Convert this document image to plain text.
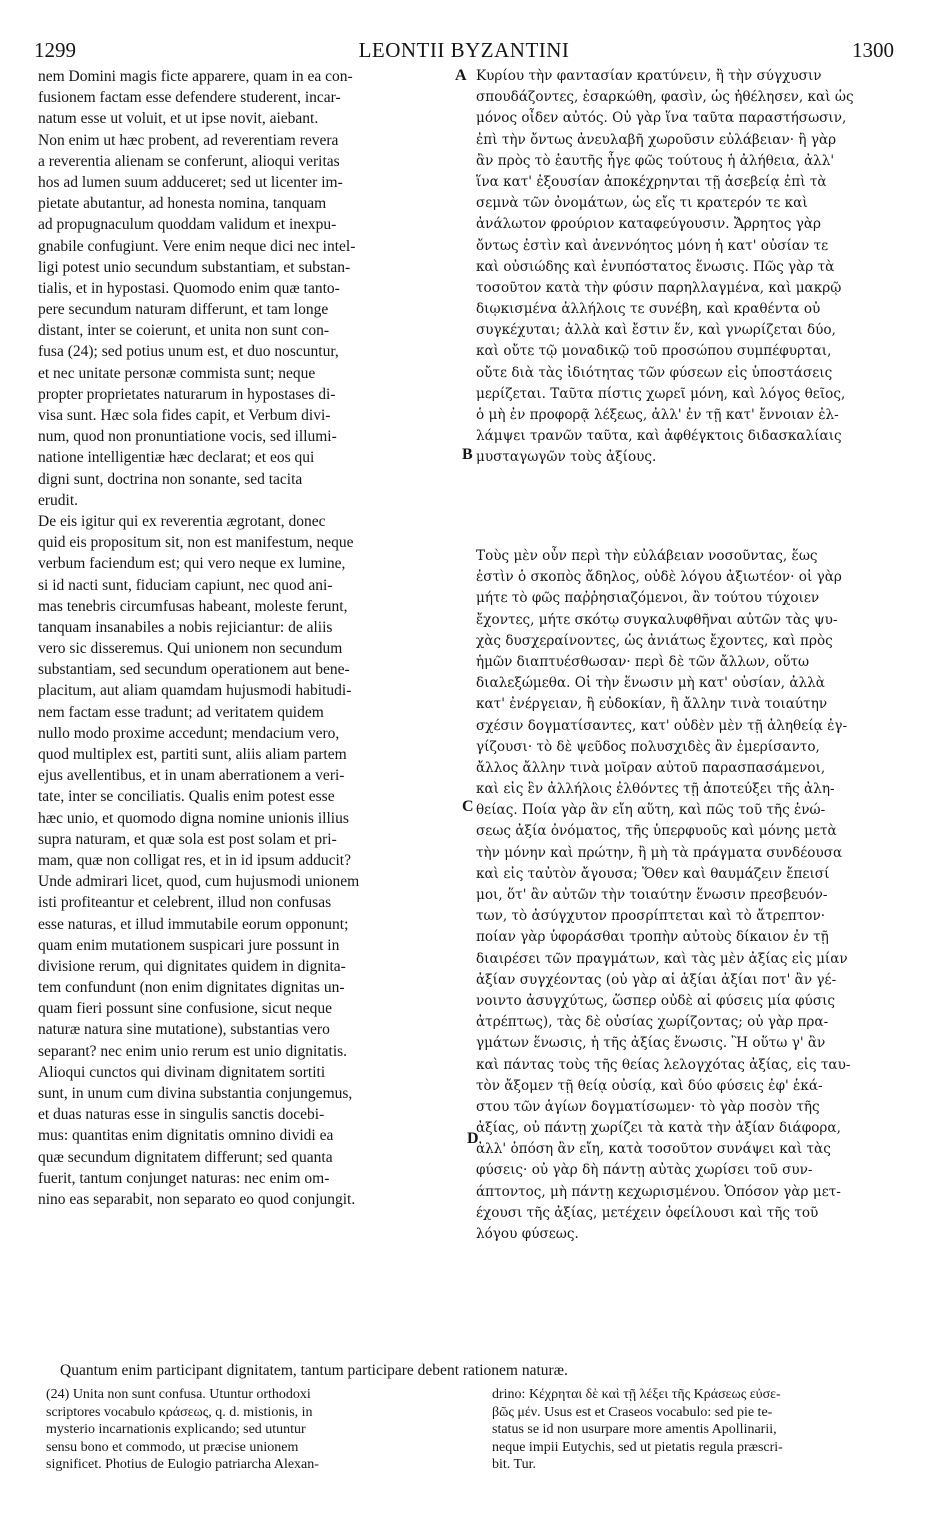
1299	LEONTII BYZANTINI	1300
nem Domini magis ficte apparere, quam in ea con-
fusionem factam esse defendere studerent, incar-
natum esse ut voluit, et ut ipse novit, aiebant.
Non enim ut hæc probent, ad reverentiam revera
a reverentia alienam se conferunt, alioqui veritas
hos ad lumen suum adduceret; sed ut licenter im-
pietate abutantur, ad honesta nomina, tanquam
ad propugnaculum quoddam validum et inexpu-
gnabile confugiunt. Vere enim neque dici nec intel-
ligi potest unio secundum substantiam, et substan-
tialis, et in hypostasi. Quomodo enim quæ tanto-
pere secundum naturam differunt, et tam longe
distant, inter se coierunt, et unita non sunt con-
fusa (24); sed potius unum est, et duo noscuntur,
et nec unitate personæ commista sunt; neque
propter proprietates naturarum in hypostases di-
visa sunt. Hæc sola fides capit, et Verbum divi-
num, quod non pronuntiatione vocis, sed illumi-
natione intelligentiæ hæc declarat; et eos qui
digni sunt, doctrina non sonante, sed tacita
erudit.
De eis igitur qui ex reverentia ægrotant, donec
quid eis propositum sit, non est manifestum, neque
verbum faciendum est; qui vero neque ex lumine,
si id nacti sunt, fiduciam capiunt, nec quod ani-
mas tenebris circumfusas habeant, moleste ferunt,
tanquam insanabiles a nobis rejiciantur: de aliis
vero sic disseremus. Qui unionem non secundum
substantiam, sed secundum operationem aut bene-
placitum, aut aliam quamdam hujusmodi habitudi-
nem factam esse tradunt; ad veritatem quidem
nullo modo proxime accedunt; mendacium vero,
quod multiplex est, partiti sunt, aliis aliam partem
ejus avellentibus, et in unam aberrationem a veri-
tate, inter se conciliatis. Qualis enim potest esse
hæc unio, et quomodo digna nomine unionis illius
supra naturam, et quæ sola est post solam et pri-
mam, quæ non colligat res, et in id ipsum adducit?
Unde admirari licet, quod, cum hujusmodi unionem
isti profiteantur et celebrent, illud non confusas
esse naturas, et illud immutabile eorum opponunt;
quam enim mutationem suspicari jure possunt in
divisione rerum, qui dignitates quidem in dignita-
tem confundunt (non enim dignitates dignitas un-
quam fieri possunt sine confusione, sicut neque
naturæ natura sine mutatione), substantias vero
separant? nec enim unio rerum est unio dignitatis.
Alioqui cunctos qui divinam dignitatem sortiti
sunt, in unum cum divina substantia conjungemus,
et duas naturas esse in singulis sanctis docebi-
mus: quantitas enim dignitatis omnino dividi ea
quæ secundum dignitatem differunt; sed quanta
fuerit, tantum conjunget naturas: nec enim om-
nino eas separabit, non separato eo quod conjungit.
Κυρίου τὴν φαντασίαν κρατύνειν, ἢ τὴν σύγχυσιν
σπουδάζοντες, ἐσαρκώθη, φασὶν, ὡς ἠθέλησεν, καὶ ὡς
μόνος οἶδεν αὐτός. Οὐ γὰρ ἵνα ταῦτα παραστήσωσιν,
ἐπὶ τὴν ὄντως ἀνευλαβῆ χωροῦσιν εὐλάβειαν· ἢ γὰρ
ἂν πρὸς τὸ ἑαυτῆς ἦγε φῶς τούτους ἡ ἀλήθεια, ἀλλ'
ἵνα κατ' ἐξουσίαν ἀποκέχρηνται τῇ ἀσεβείᾳ ἐπὶ τὰ
σεμνὰ τῶν ὀνομάτων, ὡς εἴς τι κρατερόν τε καὶ
ἀνάλωτον φρούριον καταφεύγουσιν. Ἄρρητος γὰρ
ὄντως ἐστὶν καὶ ἀνεννόητος μόνη ἡ κατ' οὐσίαν τε
καὶ οὐσιώδης καὶ ἐνυπόστατος ἕνωσις. Πῶς γὰρ τὰ
τοσοῦτον κατὰ τὴν φύσιν παρηλλαγμένα, καὶ μακρῷ
διῳκισμένα ἀλλήλοις τε συνέβη, καὶ κραθέντα οὐ
συγκέχυται; ἀλλὰ καὶ ἔστιν ἕν, καὶ γνωρίζεται δύο,
καὶ οὔτε τῷ μοναδικῷ τοῦ προσώπου συμπέφυρται,
οὔτε διὰ τὰς ἰδιότητας τῶν φύσεων εἰς ὑποστάσεις
μερίζεται. Ταῦτα πίστις χωρεῖ μόνη, καὶ λόγος θεῖος,
ὁ μὴ ἐν προφορᾷ λέξεως, ἀλλ' ἐν τῇ κατ' ἔννοιαν ἐλ-
λάμψει τρανῶν ταῦτα, καὶ ἀφθέγκτοις διδασκαλίαις
μυσταγωγῶν τοὺς ἀξίους.
Τοὺς μὲν οὖν περὶ τὴν εὐλάβειαν νοσοῦντας, ἕως
ἐστὶν ὁ σκοπὸς ἄδηλος, οὐδὲ λόγου ἀξιωτέον· οἱ γὰρ
μήτε τὸ φῶς παῤῥησιαζόμενοι, ἂν τούτου τύχοιεν
ἔχοντες, μήτε σκότῳ συγκαλυφθῆναι αὐτῶν τὰς ψυ-
χὰς δυσχεραίνοντες, ὡς ἀνιάτως ἔχοντες, καὶ πρὸς
ἡμῶν διαπτυέσθωσαν· περὶ δὲ τῶν ἄλλων, οὕτω
διαλεξώμεθα. Οἱ τὴν ἕνωσιν μὴ κατ' οὐσίαν, ἀλλὰ
κατ' ἐνέργειαν, ἢ εὐδοκίαν, ἢ ἄλλην τινὰ τοιαύτην
σχέσιν δογματίσαντες, κατ' οὐδὲν μὲν τῇ ἀληθείᾳ ἐγ-
γίζουσι· τὸ δὲ ψεῦδος πολυσχιδὲς ἂν ἐμερίσαντο,
ἄλλος ἄλλην τινὰ μοῖραν αὐτοῦ παρασπασάμενοι,
καὶ εἰς ἓν ἀλλήλοις ἐλθόντες τῇ ἀποτεύξει τῆς ἀλη-
θείας. Ποία γὰρ ἂν εἴη αὕτη, καὶ πῶς τοῦ τῆς ἑνώ-
σεως ἀξία ὀνόματος, τῆς ὑπερφυοῦς καὶ μόνης μετὰ
τὴν μόνην καὶ πρώτην, ἢ μὴ τὰ πράγματα συνδέουσα
καὶ εἰς ταὐτὸν ἄγουσα; Ὅθεν καὶ θαυμάζειν ἔπεισί
μοι, ὅτ' ἂν αὐτῶν τὴν τοιαύτην ἕνωσιν πρεσβευόν-
των, τὸ ἀσύγχυτον προσρίπτεται καὶ τὸ ἄτρεπτον·
ποίαν γὰρ ὑφοράσθαι τροπὴν αὐτοὺς δίκαιον ἐν τῇ
διαιρέσει τῶν πραγμάτων, καὶ τὰς μὲν ἀξίας εἰς μίαν
ἀξίαν συγχέοντας (οὐ γὰρ αἱ ἀξίαι ἀξίαι ποτ' ἂν γέ-
νοιντο ἀσυγχύτως, ὥσπερ οὐδὲ αἱ φύσεις μία φύσις
ἀτρέπτως), τὰς δὲ οὐσίας χωρίζοντας; οὐ γὰρ πρα-
γμάτων ἕνωσις, ἡ τῆς ἀξίας ἕνωσις. Ἢ οὕτω γ' ἂν
καὶ πάντας τοὺς τῆς θείας λελογχότας ἀξίας, εἰς ταυ-
τὸν ἄξομεν τῇ θείᾳ οὐσίᾳ, καὶ δύο φύσεις ἐφ' ἑκά-
στου τῶν ἁγίων δογματίσωμεν· τὸ γὰρ ποσὸν τῆς
ἀξίας, οὐ πάντῃ χωρίζει τὰ κατὰ τὴν ἀξίαν διάφορα,
ἀλλ' ὁπόση ἂν εἴη, κατὰ τοσοῦτον συνάψει καὶ τὰς
φύσεις· οὐ γὰρ δὴ πάντῃ αὐτὰς χωρίσει τοῦ συν-
άπτοντος, μὴ πάντῃ κεχωρισμένου. Ὁπόσον γὰρ μετ-
έχουσι τῆς ἀξίας, μετέχειν ὀφείλουσι καὶ τῆς τοῦ
λόγου φύσεως.
A
B
C
D
Quantum enim participant dignitatem, tantum participare debent rationem naturæ.
(24) Unita non sunt confusa. Utuntur orthodoxi
scriptores vocabulo κράσεως, q. d. mistionis, in
mysterio incarnationis explicando; sed utuntur
sensu bono et commodo, ut præcise unionem
significet. Photius de Eulogio patriarcha Alexan-
drino: Κέχρηται δὲ καὶ τῇ λέξει τῆς Κράσεως εὐσε-
βῶς μέν. Usus est et Craseos vocabulo: sed pie te-
status se id non usurpare more amentis Apollinarii,
neque impii Eutychis, sed ut pietatis regula præscri-
bit. Tur.
